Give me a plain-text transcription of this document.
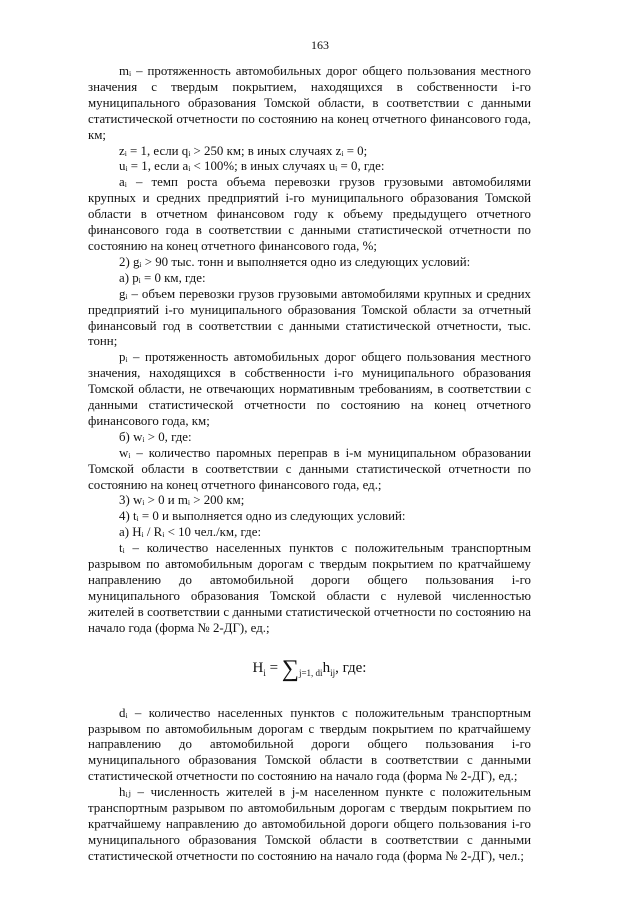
163

mᵢ – протяженность автомобильных дорог общего пользования местного значения с твердым покрытием, находящихся в собственности i-го муниципального образования Томской области, в соответствии с данными статистической отчетности по состоянию на конец отчетного финансового года, км;

zᵢ = 1, если qᵢ > 250 км; в иных случаях zᵢ = 0;

uᵢ = 1, если aᵢ < 100%; в иных случаях uᵢ = 0, где:

aᵢ – темп роста объема перевозки грузов грузовыми автомобилями крупных и средних предприятий i-го муниципального образования Томской области в отчетном финансовом году к объему предыдущего отчетного финансового года в соответствии с данными статистической отчетности по состоянию на конец отчетного финансового года, %;

2) gᵢ > 90 тыс. тонн и выполняется одно из следующих условий:

а) pᵢ = 0 км, где:

gᵢ – объем перевозки грузов грузовыми автомобилями крупных и средних предприятий i-го муниципального образования Томской области за отчетный финансовый год в соответствии с данными статистической отчетности, тыс. тонн;

pᵢ – протяженность автомобильных дорог общего пользования местного значения, находящихся в собственности i-го муниципального образования Томской области, не отвечающих нормативным требованиям, в соответствии с данными статистической отчетности по состоянию на конец отчетного финансового года, км;

б) wᵢ > 0, где:

wᵢ – количество паромных переправ в i-м муниципальном образовании Томской области в соответствии с данными статистической отчетности по состоянию на конец отчетного финансового года, ед.;

3) wᵢ > 0 и mᵢ > 200 км;

4) tᵢ = 0 и выполняется одно из следующих условий:

а) Hᵢ / Rᵢ < 10 чел./км, где:

tᵢ – количество населенных пунктов с положительным транспортным разрывом по автомобильным дорогам с твердым покрытием по кратчайшему направлению до автомобильной дороги общего пользования i-го муниципального образования Томской области с нулевой численностью жителей в соответствии с данными статистической отчетности по состоянию на начало года (форма № 2-ДГ), ед.;

$H_i = \sum_{j=1, di}h_{ij}$, где:

dᵢ – количество населенных пунктов с положительным транспортным разрывом по автомобильным дорогам с твердым покрытием по кратчайшему направлению до автомобильной дороги общего пользования i-го муниципального образования Томской области в соответствии с данными статистической отчетности по состоянию на начало года (форма № 2-ДГ), ед.;

hᵢⱼ – численность жителей в j-м населенном пункте с положительным транспортным разрывом по автомобильным дорогам с твердым покрытием по кратчайшему направлению до автомобильной дороги общего пользования i-го муниципального образования Томской области в соответствии с данными статистической отчетности по состоянию на начало года (форма № 2-ДГ), чел.;
